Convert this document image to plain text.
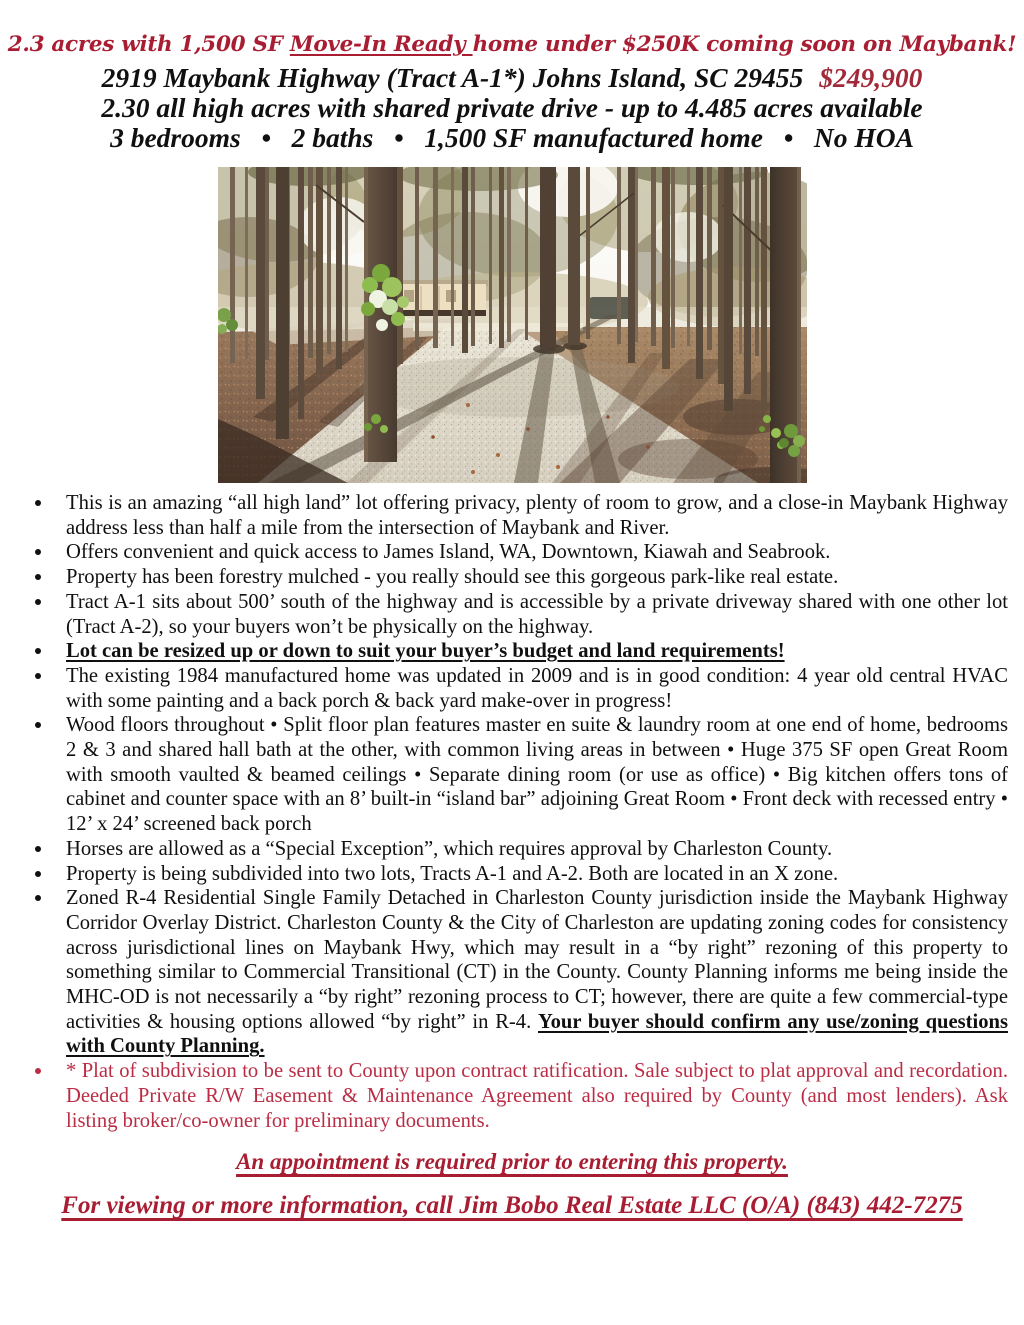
2.3 acres with 1,500 SF Move-In Ready home under $250K coming soon on Maybank!
2919 Maybank Highway (Tract A-1*) Johns Island, SC 29455 $249,900
2.30 all high acres with shared private drive - up to 4.485 acres available
3 bedrooms  •  2 baths  •  1,500 SF manufactured home  •  No HOA
This is an amazing “all high land” lot offering privacy, plenty of room to grow, and a close-in Maybank Highway address less than half a mile from the intersection of Maybank and River.
Offers convenient and quick access to James Island, WA, Downtown, Kiawah and Seabrook.
Property has been forestry mulched - you really should see this gorgeous park-like real estate.
Tract A-1 sits about 500’ south of the highway and is accessible by a private driveway shared with one other lot (Tract A-2), so your buyers won’t be physically on the highway.
Lot can be resized up or down to suit your buyer’s budget and land requirements!
The existing 1984 manufactured home was updated in 2009 and is in good condition: 4 year old central HVAC with some painting and a back porch & back yard make-over in progress!
Wood floors throughout • Split floor plan features master en suite & laundry room at one end of home, bedrooms 2 & 3 and shared hall bath at the other, with common living areas in between • Huge 375 SF open Great Room with smooth vaulted & beamed ceilings • Separate dining room (or use as office) • Big kitchen offers tons of cabinet and counter space with an 8’ built-in “island bar” adjoining Great Room • Front deck with recessed entry • 12’ x 24’ screened back porch
Horses are allowed as a “Special Exception”, which requires approval by Charleston County.
Property is being subdivided into two lots, Tracts A-1 and A-2. Both are located in an X zone.
Zoned R-4 Residential Single Family Detached in Charleston County jurisdiction inside the Maybank Highway Corridor Overlay District. Charleston County & the City of Charleston are updating zoning codes for consistency across jurisdictional lines on Maybank Hwy, which may result in a “by right” rezoning of this property to something similar to Commercial Transitional (CT) in the County. County Planning informs me being inside the MHC-OD is not necessarily a “by right” rezoning process to CT; however, there are quite a few commercial-type activities & housing options allowed “by right” in R-4. Your buyer should confirm any use/zoning questions with County Planning.
* Plat of subdivision to be sent to County upon contract ratification. Sale subject to plat approval and recordation. Deeded Private R/W Easement & Maintenance Agreement also required by County (and most lenders). Ask listing broker/co-owner for preliminary documents.
An appointment is required prior to entering this property.
For viewing or more information, call Jim Bobo Real Estate LLC (O/A) (843) 442-7275
